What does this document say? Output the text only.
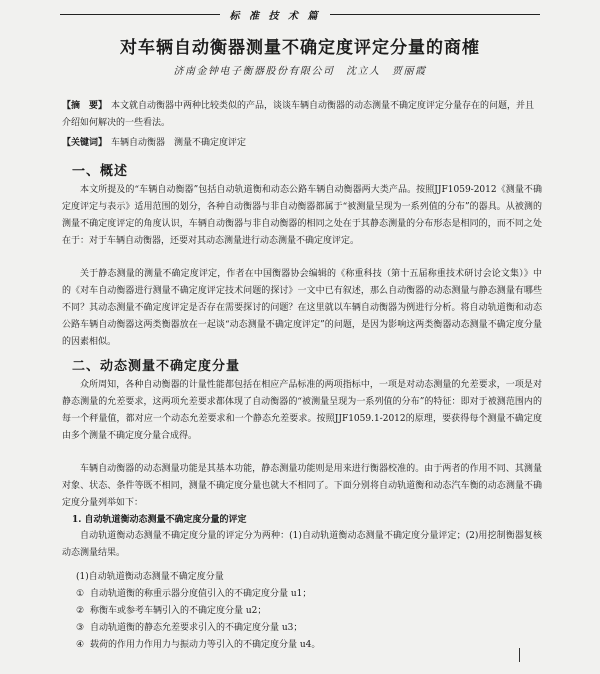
标 准 技 术 篇
对车辆自动衡器测量不确定度评定分量的商榷
济南金钟电子衡器股份有限公司　沈立人　贾丽霞
【摘　要】 本文就自动衡器中两种比较类似的产品，谈谈车辆自动衡器的动态测量不确定度评定分量存在的问题，并且介绍如何解决的一些看法。
【关键词】 车辆自动衡器　测量不确定度评定
一、概述

本文所提及的“车辆自动衡器”包括自动轨道衡和动态公路车辆自动衡器两大类产品。按照JJF1059-2012《测量不确定度评定与表示》适用范围的划分，各种自动衡器与非自动衡器都属于“被测量呈现为一系列值的分布”的器具。从被测的测量不确定度评定的角度认识，车辆自动衡器与非自动衡器的相同之处在于其静态测量的分布形态是相同的，而不同之处在于：对于车辆自动衡器，还要对其动态测量进行动态测量不确定度评定。

关于静态测量的测量不确定度评定，作者在中国衡器协会编辑的《称重科技（第十五届称重技术研讨会论文集）》中的《对车自动衡器进行测量不确定度评定技术问题的探讨》一文中已有叙述，那么自动衡器的动态测量与静态测量有哪些不同？其动态测量不确定度评定是否存在需要探讨的问题？在这里就以车辆自动衡器为例进行分析。将自动轨道衡和动态公路车辆自动衡器这两类衡器放在一起谈“动态测量不确定度评定”的问题，是因为影响这两类衡器动态测量不确定度分量的因素相似。

二、动态测量不确定度分量

众所周知，各种自动衡器的计量性能都包括在相应产品标准的两项指标中，一项是对动态测量的允差要求，一项是对静态测量的允差要求，这两项允差要求都体现了自动衡器的“被测量呈现为一系列值的分布”的特征：即对于被测范围内的每一个秤量值，都对应一个动态允差要求和一个静态允差要求。按照JJF1059.1-2012的原理，要获得每个测量不确定度由多个测量不确定度分量合成得。

车辆自动衡器的动态测量功能是其基本功能，静态测量功能则是用来进行衡器校准的。由于两者的作用不同、其测量对象、状态、条件等既不相同，测量不确定度分量也就大不相同了。下面分别将自动轨道衡和动态汽车衡的动态测量不确定度分量列举如下：

1. 自动轨道衡动态测量不确定度分量的评定

自动轨道衡动态测量不确定度分量的评定分为两种：(1)自动轨道衡动态测量不确定度分量评定；(2)用挖制衡器复核动态测量结果。

(1)自动轨道衡动态测量不确定度分量
① 自动轨道衡的称重示器分度值引入的不确定度分量 u1；
② 称衡车或参考车辆引入的不确定度分量 u2；
③ 自动轨道衡的静态允差要求引入的不确定度分量 u3；
④ 载荷的作用力作用力与振动力等引入的不确定度分量 u4。
